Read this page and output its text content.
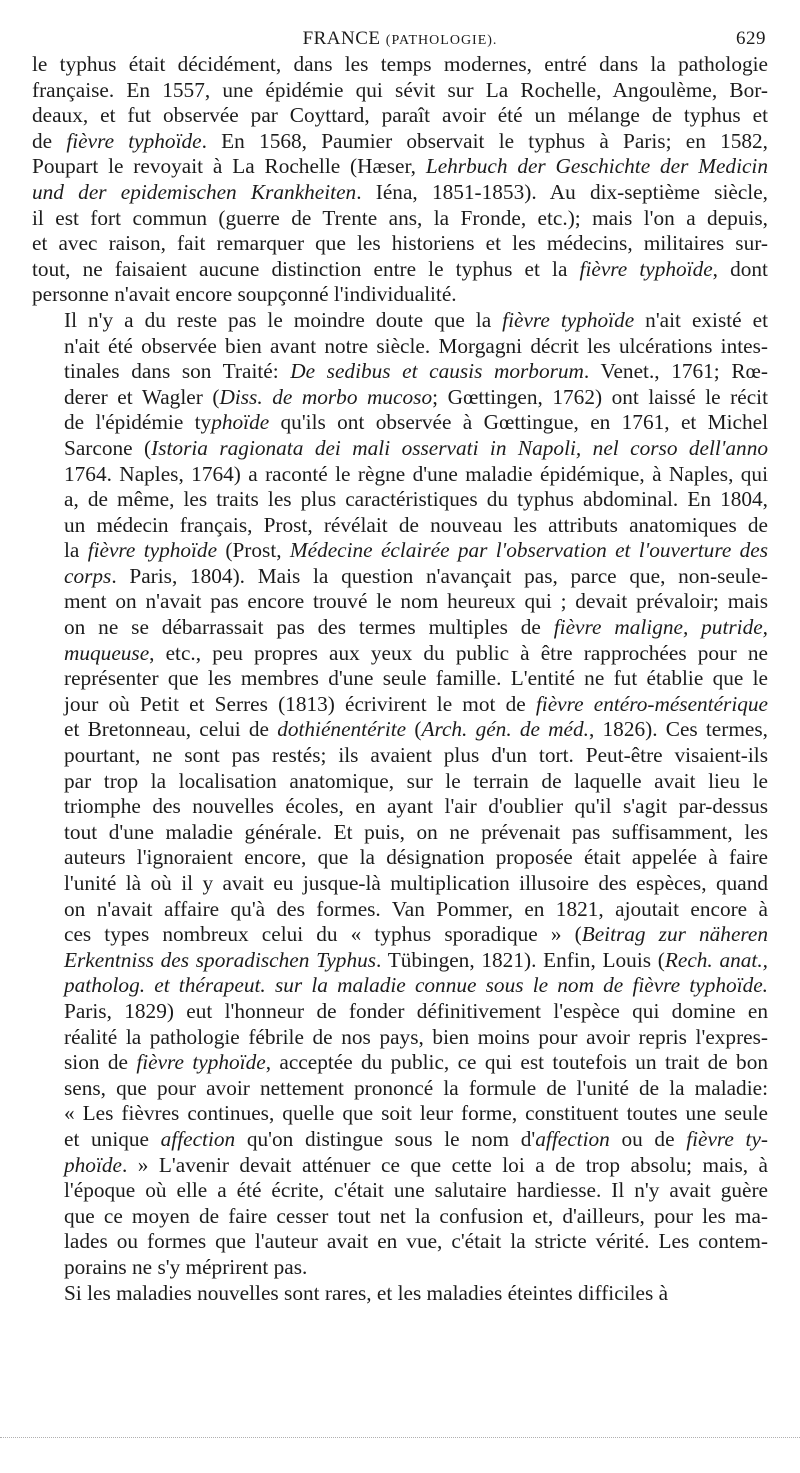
FRANCE (PATHOLOGIE).	629

le typhus était décidément, dans les temps modernes, entré dans la pathologie
française. En 1557, une épidémie qui sévit sur La Rochelle, Angoulème, Bor-
deaux, et fut observée par Coyttard, paraît avoir été un mélange de typhus et
de fièvre typhoïde. En 1568, Paumier observait le typhus à Paris; en 1582,
Poupart le revoyait à La Rochelle (Hæser, Lehrbuch der Geschichte der Medicin
und der epidemischen Krankheiten. Iéna, 1851-1853). Au dix-septième siècle,
il est fort commun (guerre de Trente ans, la Fronde, etc.); mais l'on a depuis,
et avec raison, fait remarquer que les historiens et les médecins, militaires sur-
tout, ne faisaient aucune distinction entre le typhus et la fièvre typhoïde, dont
personne n'avait encore soupçonné l'individualité.

Il n'y a du reste pas le moindre doute que la fièvre typhoïde n'ait existé et
n'ait été observée bien avant notre siècle. Morgagni décrit les ulcérations intes-
tinales dans son Traité: De sedibus et causis morborum. Venet., 1761; Rœ-
derer et Wagler (Diss. de morbo mucoso; Gœttingen, 1762) ont laissé le récit
de l'épidémie typhoïde qu'ils ont observée à Gœttingue, en 1761, et Michel
Sarcone (Istoria ragionata dei mali osservati in Napoli, nel corso dell'anno
1764. Naples, 1764) a raconté le règne d'une maladie épidémique, à Naples, qui
a, de même, les traits les plus caractéristiques du typhus abdominal. En 1804,
un médecin français, Prost, révélait de nouveau les attributs anatomiques de
la fièvre typhoïde (Prost, Médecine éclairée par l'observation et l'ouverture des
corps. Paris, 1804). Mais la question n'avançait pas, parce que, non-seule-
ment on n'avait pas encore trouvé le nom heureux qui ; devait prévaloir; mais
on ne se débarrassait pas des termes multiples de fièvre maligne, putride,
muqueuse, etc., peu propres aux yeux du public à être rapprochées pour ne
représenter que les membres d'une seule famille. L'entité ne fut établie que le
jour où Petit et Serres (1813) écrivirent le mot de fièvre entéro-mésentérique
et Bretonneau, celui de dothiénentérite (Arch. gén. de méd., 1826). Ces termes,
pourtant, ne sont pas restés; ils avaient plus d'un tort. Peut-être visaient-ils
par trop la localisation anatomique, sur le terrain de laquelle avait lieu le
triomphe des nouvelles écoles, en ayant l'air d'oublier qu'il s'agit par-dessus
tout d'une maladie générale. Et puis, on ne prévenait pas suffisamment, les
auteurs l'ignoraient encore, que la désignation proposée était appelée à faire
l'unité là où il y avait eu jusque-là multiplication illusoire des espèces, quand
on n'avait affaire qu'à des formes. Van Pommer, en 1821, ajoutait encore à
ces types nombreux celui du « typhus sporadique » (Beitrag zur näheren
Erkentniss des sporadischen Typhus. Tübingen, 1821). Enfin, Louis (Rech. anat.,
patholog. et thérapeut. sur la maladie connue sous le nom de fièvre typhoïde.
Paris, 1829) eut l'honneur de fonder définitivement l'espèce qui domine en
réalité la pathologie fébrile de nos pays, bien moins pour avoir repris l'expres-
sion de fièvre typhoïde, acceptée du public, ce qui est toutefois un trait de bon
sens, que pour avoir nettement prononcé la formule de l'unité de la maladie:
« Les fièvres continues, quelle que soit leur forme, constituent toutes une seule
et unique affection qu'on distingue sous le nom d'affection ou de fièvre ty-
phoïde. » L'avenir devait atténuer ce que cette loi a de trop absolu; mais, à
l'époque où elle a été écrite, c'était une salutaire hardiesse. Il n'y avait guère
que ce moyen de faire cesser tout net la confusion et, d'ailleurs, pour les ma-
lades ou formes que l'auteur avait en vue, c'était la stricte vérité. Les contem-
porains ne s'y méprirent pas.

Si les maladies nouvelles sont rares, et les maladies éteintes difficiles à
